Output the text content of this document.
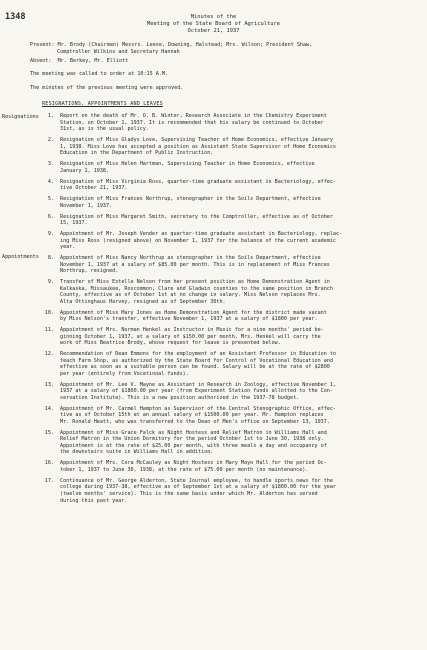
1348	Minutes of the
Meeting of the State Board of Agriculture
October 21, 1937
Present: Mr. Brody (Chairman) Messrs. Leese, Downing, Halstead; Mrs. Wilson; President Shaw,
Comptroller Wilkins and Secretary Hannah
Absent: Mr. Berkey, Mr. Elliott
The meeting was called to order at 10:15 A.M.
The minutes of the previous meeting were approved.
RESIGNATIONS, APPOINTMENTS AND LEAVES
Resignations
Appointments
1.	Report on the death of Mr. O. B. Winter, Research Associate in the Chemistry Experiment
Station, on October 1, 1937. It is recommended that his salary be continued to October
31st, as is the usual policy.
2.	Resignation of Miss Gladys Love, Supervising Teacher of Home Economics, effective January
1, 1938. Miss Love has accepted a position as Assistant State Supervisor of Home Economics
Education in the Department of Public Instruction.
3.	Resignation of Miss Helen Hartman, Supervising Teacher in Home Economics, effective
January 1, 1938.
4.	Resignation of Miss Virginia Ross, quarter-time graduate assistant in Bacteriology, effec-
tive October 21, 1937.
5.	Resignation of Miss Frances Northrup, stenographer in the Soils Department, effective
November 1, 1937.
6.	Resignation of Miss Margaret Smith, secretary to the Comptroller, effective as of October
15, 1937.
9.	Appointment of Mr. Joseph Vender as quarter-time graduate assistant in Bacteriology, replac-
ing Miss Ross (resigned above) on November 1, 1937 for the balance of the current academic
year.
8.	Appointment of Miss Nancy Northrup as stenographer in the Soils Department, effective
November 1, 1937 at a salary of $85.00 per month. This is in replacement of Miss Frances
Northrup, resigned.
9.	Transfer of Miss Estelle Nelson from her present position as Home Demonstration Agent in
Kalkaska, Missaukee, Roscommon, Clare and Gladwin counties to the same position in Branch
County, effective as of October 1st at no change in salary. Miss Nelson replaces Mrs.
Alta Ottinghaus Harvey, resigned as of September 30th.
10.	Appointment of Miss Mary Jones as Home Demonstration Agent for the district made vacant
by Miss Nelson's transfer, effective November 1, 1937 at a salary of $1800 per year.
11.	Appointment of Mrs. Norman Henkel as Instructor in Music for a nine months' period be-
ginning October 1, 1937, at a salary of $150.00 per month. Mrs. Henkel will carry the
work of Miss Beatrice Brody, whose request for leave is presented below.
12.	Recommendation of Dean Emmons for the employment of an Assistant Professor in Education to
teach Farm Shop, as authorized by the State Board for Control of Vocational Education and
effective as soon as a suitable person can be found. Salary will be at the rate of $2800
per year (entirely from Vocational funds).
13.	Appointment of Mr. Lee V. Mayne as Assistant in Research in Zoology, effective November 1,
1937 at a salary of $1800.00 per year (from Experiment Station funds allotted to the Con-
servation Institute). This is a new position authorized in the 1937-78 budget.
14.	Appointment of Mr. Carmel Hampton as Supervisor of the Central Stenographic Office, effec-
tive as of October 15th at an annual salary of $1500.00 per year. Mr. Hampton replaces
Mr. Ronald Heatt, who was transferred to the Dean of Men's office on September 13, 1937.
15.	Appointment of Miss Grace Falck as Night Hostess and Relief Matron in Williams Hall and
Relief Matron in the Union Dormitory for the period October 1st to June 30, 1938 only.
Appointment is at the rate of $25.00 per month, with three meals a day and occupancy of
the downstairs suite in Williams Hall in addition.
16.	Appointment of Mrs. Cora McCauley as Night Hostess in Mary Mayo Hall for the period Oc-
tober 1, 1937 to June 30, 1938, at the rate of $75.00 per month (no maintenance).
17.	Continuance of Mr. George Alderton, State Journal employee, to handle sports news for the
college during 1937-38, effective as of September 1st at a salary of $1800.00 for the year
(twelve months' service). This is the same basis under which Mr. Alderton has served
during this past year.
